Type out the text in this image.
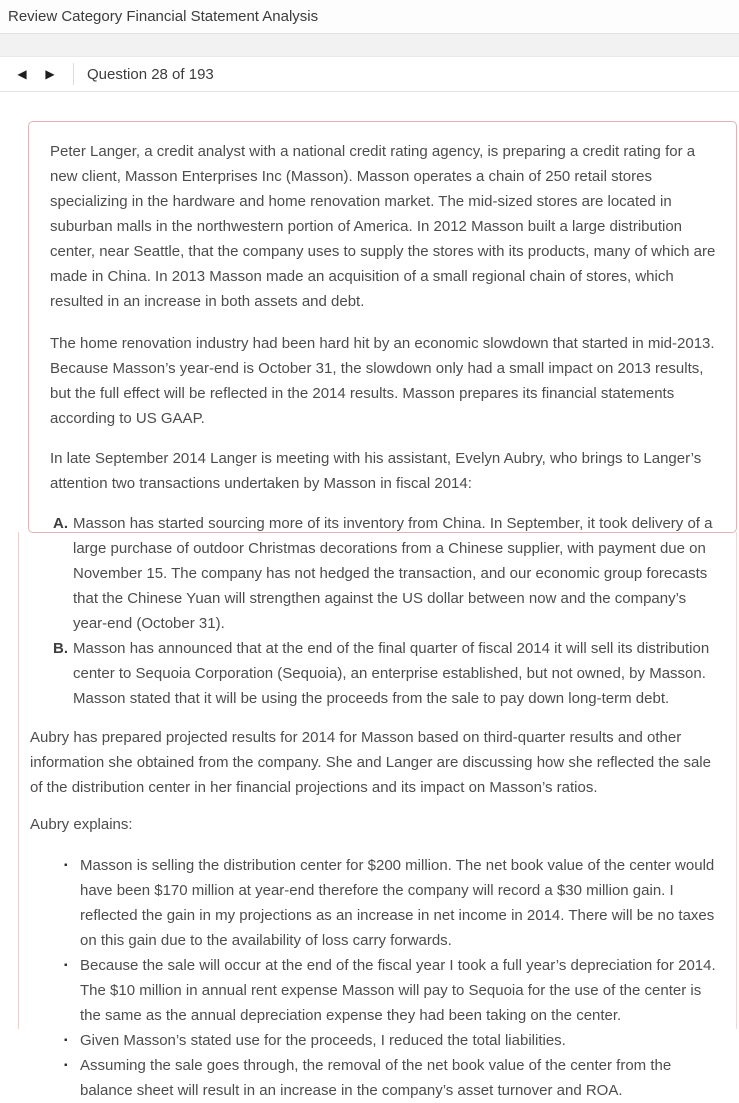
Review Category Financial Statement Analysis
◀	▶	Question 28 of 193

Peter Langer, a credit analyst with a national credit rating agency, is preparing a credit rating for a new client, Masson Enterprises Inc (Masson). Masson operates a chain of 250 retail stores specializing in the hardware and home renovation market. The mid-sized stores are located in suburban malls in the northwestern portion of America. In 2012 Masson built a large distribution center, near Seattle, that the company uses to supply the stores with its products, many of which are made in China. In 2013 Masson made an acquisition of a small regional chain of stores, which resulted in an increase in both assets and debt.

The home renovation industry had been hard hit by an economic slowdown that started in mid-2013. Because Masson’s year-end is October 31, the slowdown only had a small impact on 2013 results, but the full effect will be reflected in the 2014 results. Masson prepares its financial statements according to US GAAP.

In late September 2014 Langer is meeting with his assistant, Evelyn Aubry, who brings to Langer’s attention two transactions undertaken by Masson in fiscal 2014:

A. Masson has started sourcing more of its inventory from China. In September, it took delivery of a large purchase of outdoor Christmas decorations from a Chinese supplier, with payment due on November 15. The company has not hedged the transaction, and our economic group forecasts that the Chinese Yuan will strengthen against the US dollar between now and the company’s year-end (October 31).
B. Masson has announced that at the end of the final quarter of fiscal 2014 it will sell its distribution center to Sequoia Corporation (Sequoia), an enterprise established, but not owned, by Masson. Masson stated that it will be using the proceeds from the sale to pay down long-term debt.

Aubry has prepared projected results for 2014 for Masson based on third-quarter results and other information she obtained from the company. She and Langer are discussing how she reflected the sale of the distribution center in her financial projections and its impact on Masson’s ratios.

Aubry explains:

▪ Masson is selling the distribution center for $200 million. The net book value of the center would have been $170 million at year-end therefore the company will record a $30 million gain. I reflected the gain in my projections as an increase in net income in 2014. There will be no taxes on this gain due to the availability of loss carry forwards.
▪ Because the sale will occur at the end of the fiscal year I took a full year’s depreciation for 2014. The $10 million in annual rent expense Masson will pay to Sequoia for the use of the center is the same as the annual depreciation expense they had been taking on the center.
▪ Given Masson’s stated use for the proceeds, I reduced the total liabilities.
▪ Assuming the sale goes through, the removal of the net book value of the center from the balance sheet will result in an increase in the company’s asset turnover and ROA.
